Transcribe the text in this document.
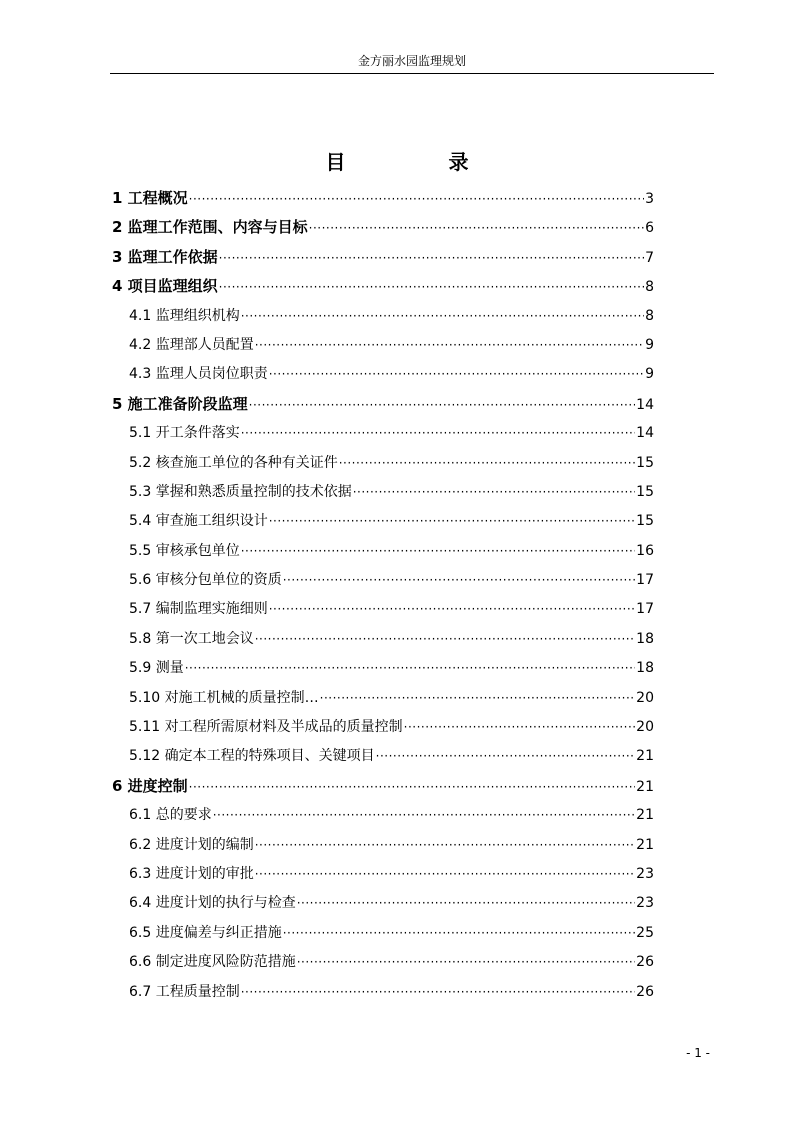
金方丽水园监理规划
目 录
1 工程概况 ·····	3
2 监理工作范围、内容与目标 ·····	6
3 监理工作依据 ·····	7
4 项目监理组织 ·····	8
4.1 监理组织机构 ·····	8
4.2 监理部人员配置 ·····	9
4.3 监理人员岗位职责 ·····	9
5 施工准备阶段监理 ·····	14
5.1 开工条件落实 ·····	14
5.2 核查施工单位的各种有关证件 ·····	15
5.3 掌握和熟悉质量控制的技术依据 ·····	15
5.4 审查施工组织设计 ·····	15
5.5 审核承包单位 ·····	16
5.6 审核分包单位的资质 ·····	17
5.7 编制监理实施细则 ·····	17
5.8 第一次工地会议 ·····	18
5.9 测量 ·····	18
5.10 对施工机械的质量控制… ·····	20
5.11 对工程所需原材料及半成品的质量控制 ·····	20
5.12 确定本工程的特殊项目、关键项目 ·····	21
6 进度控制 ·····	21
6.1 总的要求 ·····	21
6.2 进度计划的编制 ·····	21
6.3 进度计划的审批 ·····	23
6.4 进度计划的执行与检查 ·····	23
6.5 进度偏差与纠正措施 ·····	25
6.6 制定进度风险防范措施 ·····	26
6.7 工程质量控制 ·····	26
- 1 -
